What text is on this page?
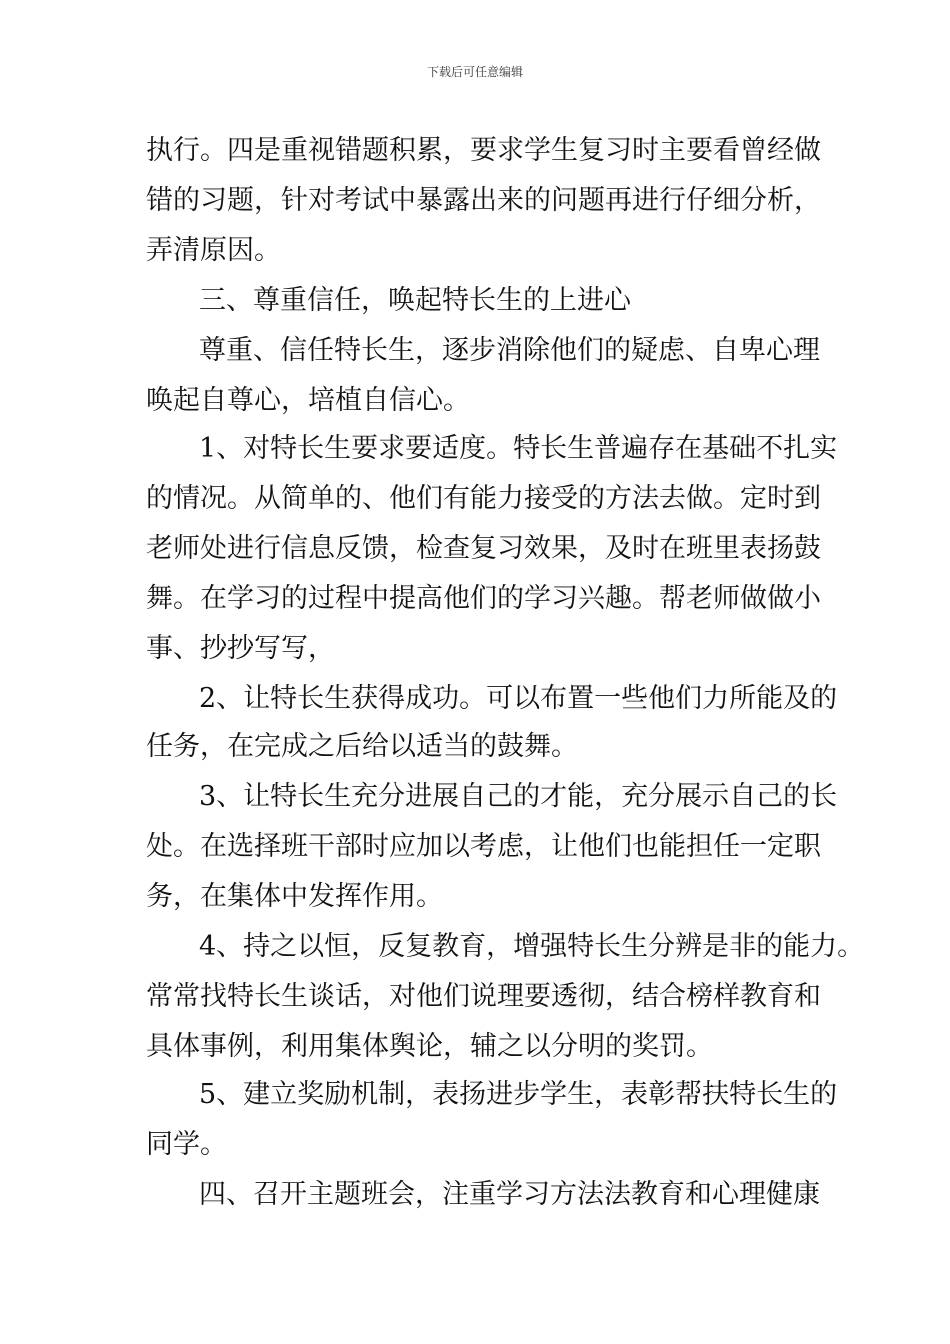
下载后可任意编辑
执行。四是重视错题积累，要求学生复习时主要看曾经做
错的习题，针对考试中暴露出来的问题再进行仔细分析，
弄清原因。
三、尊重信任，唤起特长生的上进心
尊重、信任特长生，逐步消除他们的疑虑、自卑心理
唤起自尊心，培植自信心。
1、对特长生要求要适度。特长生普遍存在基础不扎实
的情况。从简单的、他们有能力接受的方法去做。定时到
老师处进行信息反馈，检查复习效果，及时在班里表扬鼓
舞。在学习的过程中提高他们的学习兴趣。帮老师做做小
事、抄抄写写，
2、让特长生获得成功。可以布置一些他们力所能及的
任务，在完成之后给以适当的鼓舞。
3、让特长生充分进展自己的才能，充分展示自己的长
处。在选择班干部时应加以考虑，让他们也能担任一定职
务，在集体中发挥作用。
4、持之以恒，反复教育，增强特长生分辨是非的能力。
常常找特长生谈话，对他们说理要透彻，结合榜样教育和
具体事例，利用集体舆论，辅之以分明的奖罚。
5、建立奖励机制，表扬进步学生，表彰帮扶特长生的
同学。
四、召开主题班会，注重学习方法法教育和心理健康
